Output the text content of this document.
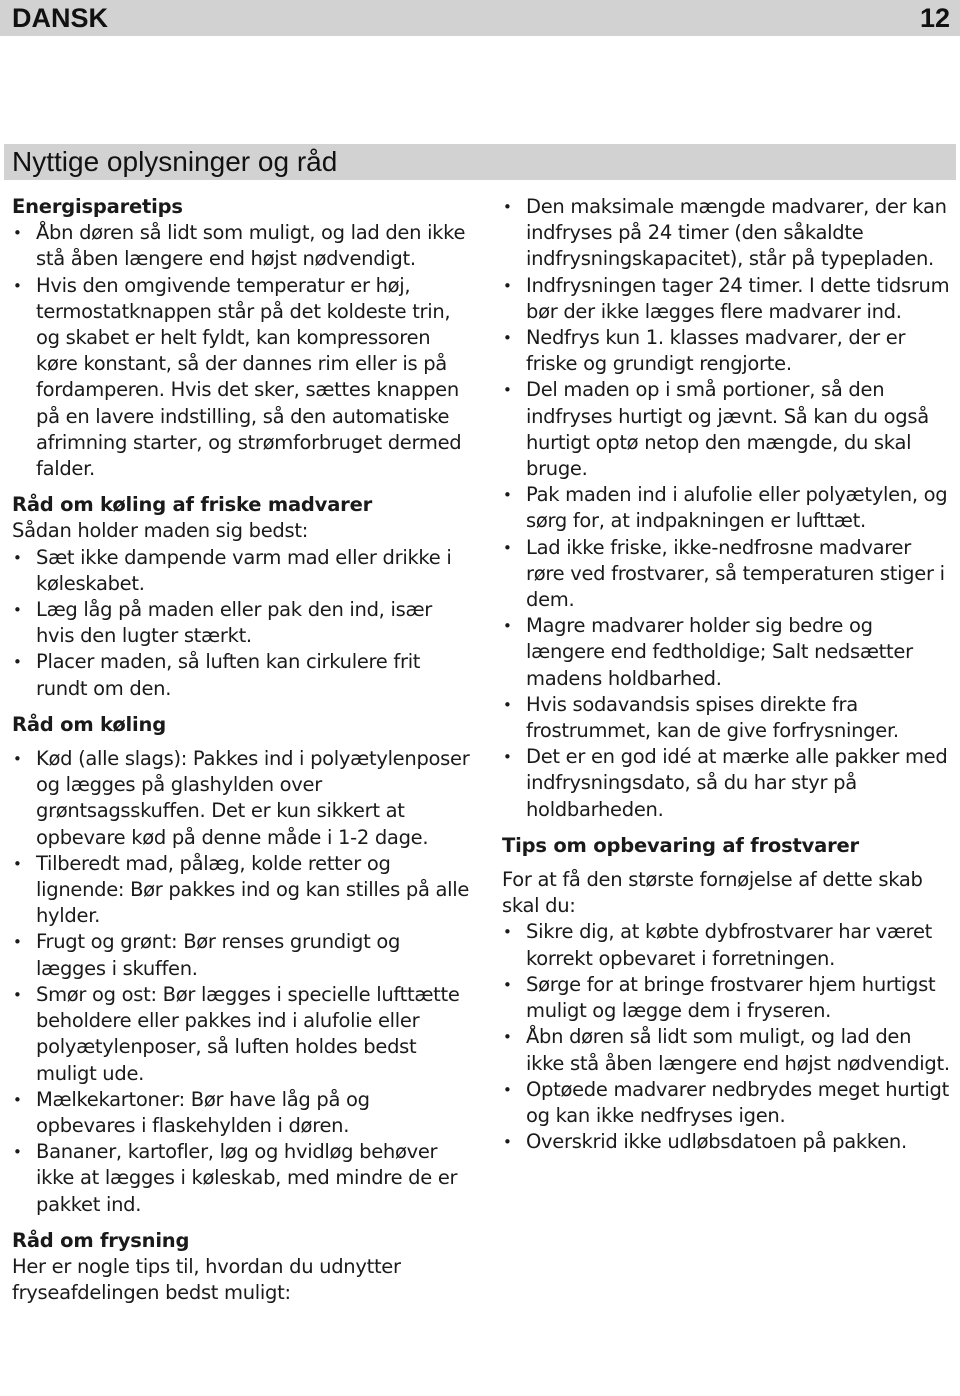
DANSK	12
Nyttige oplysninger og råd
Energisparetips
• Åbn døren så lidt som muligt, og lad den ikke stå åben længere end højst nødvendigt.
• Hvis den omgivende temperatur er høj, termostatknappen står på det koldeste trin, og skabet er helt fyldt, kan kompressoren køre konstant, så der dannes rim eller is på fordamperen. Hvis det sker, sættes knappen på en lavere indstilling, så den automatiske afrimning starter, og strømforbruget dermed falder.
Råd om køling af friske madvarer

Sådan holder maden sig bedst:

• Sæt ikke dampende varm mad eller drikke i køleskabet.
• Læg låg på maden eller pak den ind, især hvis den lugter stærkt.
• Placer maden, så luften kan cirkulere frit rundt om den.
Råd om køling
• Kød (alle slags): Pakkes ind i polyætylenposer og lægges på glashylden over grøntsagsskuffen. Det er kun sikkert at opbevare kød på denne måde i 1-2 dage.
• Tilberedt mad, pålæg, kolde retter og lignende: Bør pakkes ind og kan stilles på alle hylder.
• Frugt og grønt: Bør renses grundigt og lægges i skuffen.
• Smør og ost: Bør lægges i specielle lufttætte beholdere eller pakkes ind i alufolie eller polyætylenposer, så luften holdes bedst muligt ude.
• Mælkekartoner: Bør have låg på og opbevares i flaskehylden i døren.
• Bananer, kartofler, løg og hvidløg behøver ikke at lægges i køleskab, med mindre de er pakket ind.
Råd om frysning

Her er nogle tips til, hvordan du udnytter fryseafdelingen bedst muligt:

• Den maksimale mængde madvarer, der kan indfryses på 24 timer (den såkaldte indfrysningskapacitet), står på typepladen.
• Indfrysningen tager 24 timer. I dette tidsrum bør der ikke lægges flere madvarer ind.
• Nedfrys kun 1. klasses madvarer, der er friske og grundigt rengjorte.
• Del maden op i små portioner, så den indfryses hurtigt og jævnt. Så kan du også hurtigt optø netop den mængde, du skal bruge.
• Pak maden ind i alufolie eller polyætylen, og sørg for, at indpakningen er lufttæt.
• Lad ikke friske, ikke-nedfrosne madvarer røre ved frostvarer, så temperaturen stiger i dem.
• Magre madvarer holder sig bedre og længere end fedtholdige; Salt nedsætter madens holdbarhed.
• Hvis sodavandsis spises direkte fra frostrummet, kan de give forfrysninger.
• Det er en god idé at mærke alle pakker med indfrysningsdato, så du har styr på holdbarheden.
Tips om opbevaring af frostvarer

For at få den største fornøjelse af dette skab skal du:

• Sikre dig, at købte dybfrostvarer har været korrekt opbevaret i forretningen.
• Sørge for at bringe frostvarer hjem hurtigst muligt og lægge dem i fryseren.
• Åbn døren så lidt som muligt, og lad den ikke stå åben længere end højst nødvendigt.
• Optøede madvarer nedbrydes meget hurtigt og kan ikke nedfryses igen.
• Overskrid ikke udløbsdatoen på pakken.
